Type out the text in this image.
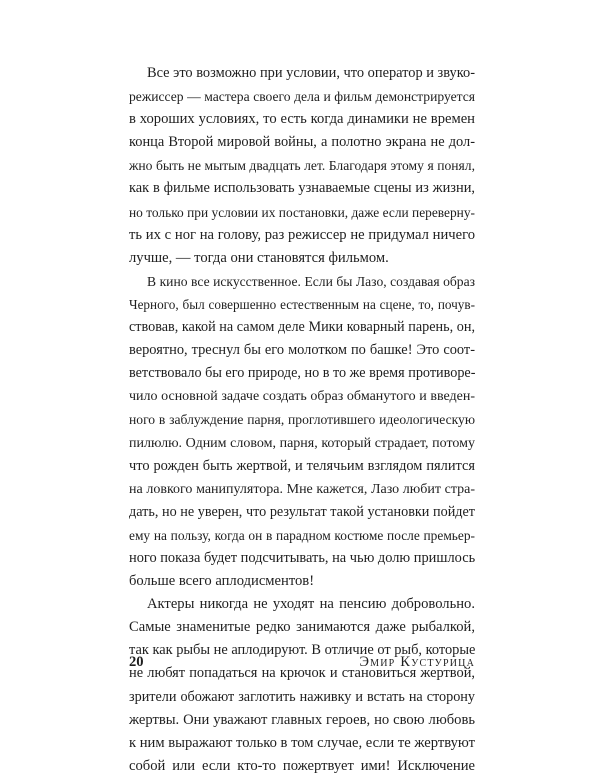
Все это возможно при условии, что оператор и звуко-
режиссер — мастера своего дела и фильм демонстрируется
в хороших условиях, то есть когда динамики не времен
конца Второй мировой войны, а полотно экрана не дол-
жно быть не мытым двадцать лет. Благодаря этому я понял,
как в фильме использовать узнаваемые сцены из жизни,
но только при условии их постановки, даже если переверну-
ть их с ног на голову, раз режиссер не придумал ничего
лучше, — тогда они становятся фильмом.
В кино все искусственное. Если бы Лазо, создавая образ
Черного, был совершенно естественным на сцене, то, почув-
ствовав, какой на самом деле Мики коварный парень, он,
вероятно, треснул бы его молотком по башке! Это соот-
ветствовало бы его природе, но в то же время противоре-
чило основной задаче создать образ обманутого и введен-
ного в заблуждение парня, проглотившего идеологическую
пилюлю. Одним словом, парня, который страдает, потому
что рожден быть жертвой, и телячьим взглядом пялится
на ловкого манипулятора. Мне кажется, Лазо любит стра-
дать, но не уверен, что результат такой установки пойдет
ему на пользу, когда он в парадном костюме после премьер-
ного показа будет подсчитывать, на чью долю пришлось
больше всего аплодисментов!
Актеры никогда не уходят на пенсию добровольно.
Самые знаменитые редко занимаются даже рыбалкой,
так как рыбы не аплодируют. В отличие от рыб, которые
не любят попадаться на крючок и становиться жертвой,
зрители обожают заглотить наживку и встать на сторону
жертвы. Они уважают главных героев, но свою любовь
к ним выражают только в том случае, если те жертвуют
собой или если кто-то пожертвует ими! Исключение
20	Эмир Кустурица
